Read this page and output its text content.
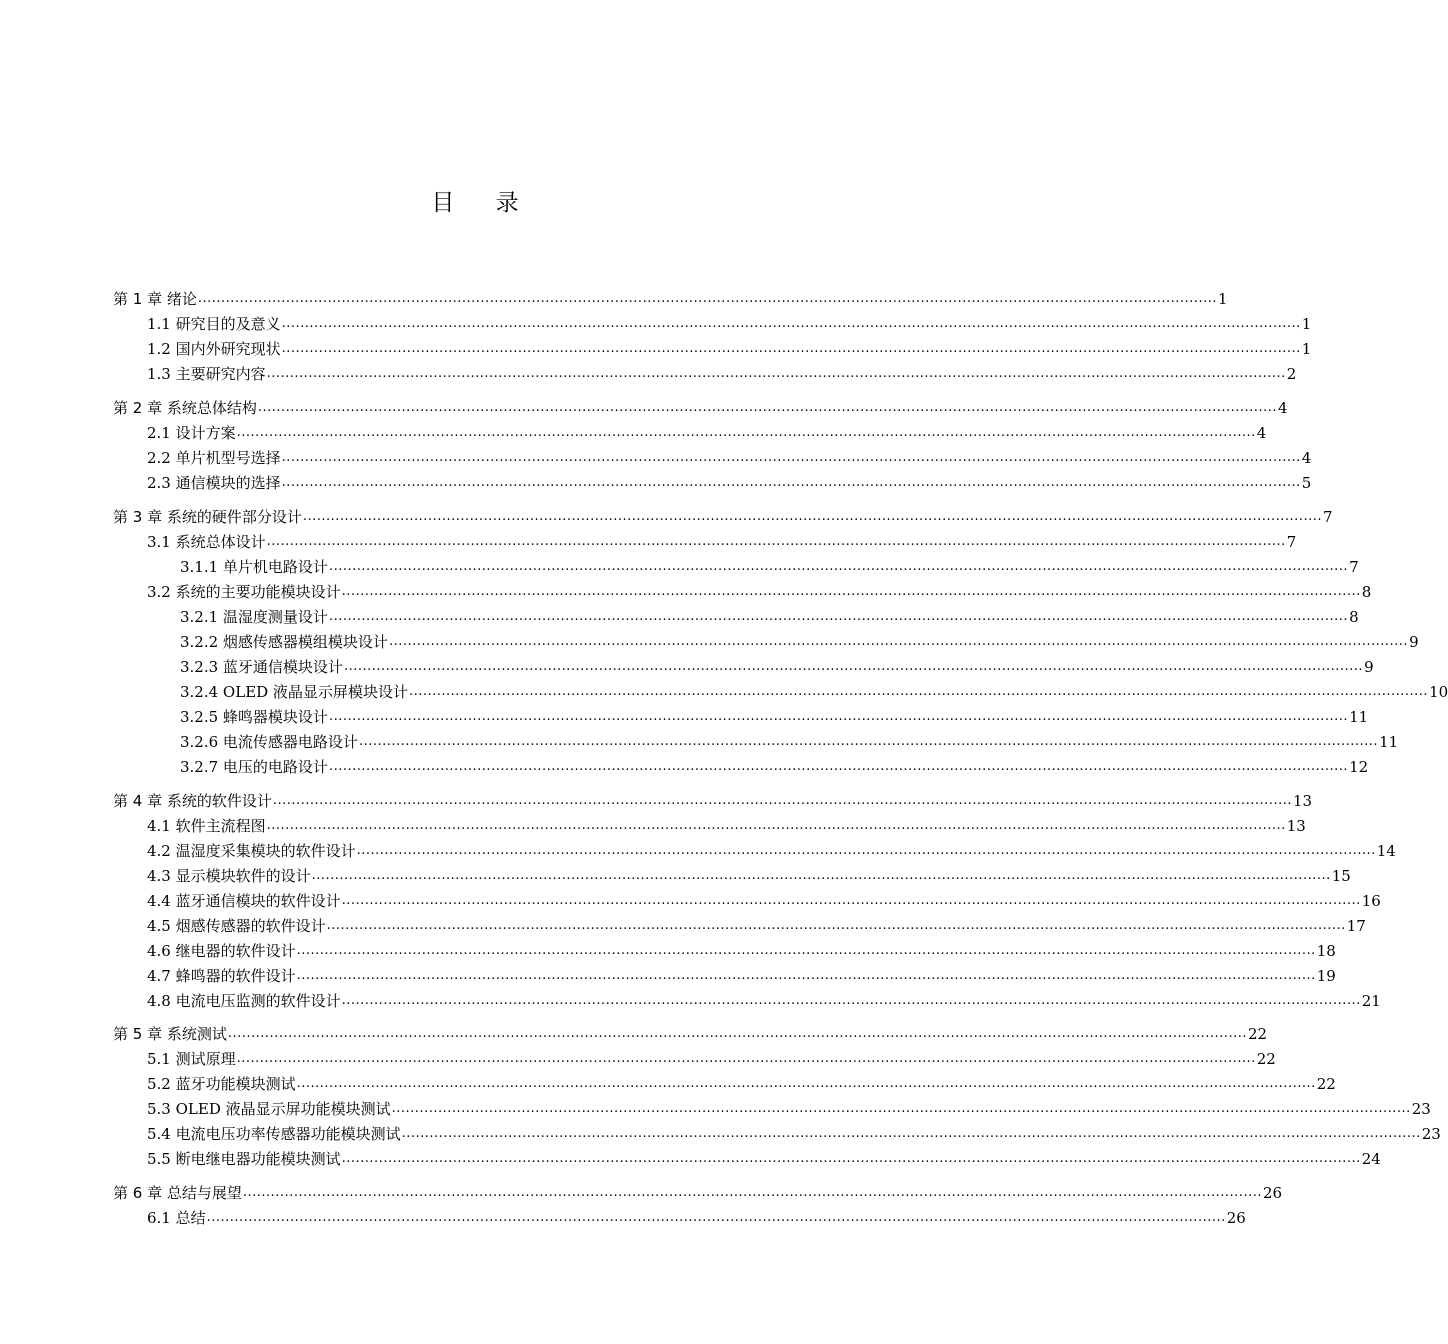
目 录
第 1 章 绪论 ............................................................................................................................................................................................................................ 1
1.1 研究目的及意义 ............................................................................................................................................................................................................................ 1
1.2 国内外研究现状 ............................................................................................................................................................................................................................ 1
1.3 主要研究内容 ............................................................................................................................................................................................................................ 2
第 2 章 系统总体结构 ............................................................................................................................................................................................................................ 4
2.1 设计方案 ............................................................................................................................................................................................................................ 4
2.2 单片机型号选择 ............................................................................................................................................................................................................................ 4
2.3 通信模块的选择 ............................................................................................................................................................................................................................ 5
第 3 章 系统的硬件部分设计 ............................................................................................................................................................................................................................ 7
3.1 系统总体设计 ............................................................................................................................................................................................................................ 7
3.1.1 单片机电路设计 ............................................................................................................................................................................................................................ 7
3.2 系统的主要功能模块设计 ............................................................................................................................................................................................................................ 8
3.2.1 温湿度测量设计 ............................................................................................................................................................................................................................ 8
3.2.2 烟感传感器模组模块设计 ............................................................................................................................................................................................................................ 9
3.2.3 蓝牙通信模块设计 ............................................................................................................................................................................................................................ 9
3.2.4 OLED 液晶显示屏模块设计 ............................................................................................................................................................................................................................ 10
3.2.5 蜂鸣器模块设计 ............................................................................................................................................................................................................................ 11
3.2.6 电流传感器电路设计 ............................................................................................................................................................................................................................ 11
3.2.7 电压的电路设计 ............................................................................................................................................................................................................................ 12
第 4 章 系统的软件设计 ............................................................................................................................................................................................................................ 13
4.1 软件主流程图 ............................................................................................................................................................................................................................ 13
4.2 温湿度采集模块的软件设计 ............................................................................................................................................................................................................................ 14
4.3 显示模块软件的设计 ............................................................................................................................................................................................................................ 15
4.4 蓝牙通信模块的软件设计 ............................................................................................................................................................................................................................ 16
4.5 烟感传感器的软件设计 ............................................................................................................................................................................................................................ 17
4.6 继电器的软件设计 ............................................................................................................................................................................................................................ 18
4.7 蜂鸣器的软件设计 ............................................................................................................................................................................................................................ 19
4.8 电流电压监测的软件设计 ............................................................................................................................................................................................................................ 21
第 5 章 系统测试 ............................................................................................................................................................................................................................ 22
5.1 测试原理 ............................................................................................................................................................................................................................ 22
5.2 蓝牙功能模块测试 ............................................................................................................................................................................................................................ 22
5.3 OLED 液晶显示屏功能模块测试 ............................................................................................................................................................................................................................ 23
5.4 电流电压功率传感器功能模块测试 ............................................................................................................................................................................................................................ 23
5.5 断电继电器功能模块测试 ............................................................................................................................................................................................................................ 24
第 6 章 总结与展望 ............................................................................................................................................................................................................................ 26
6.1 总结 ............................................................................................................................................................................................................................ 26
